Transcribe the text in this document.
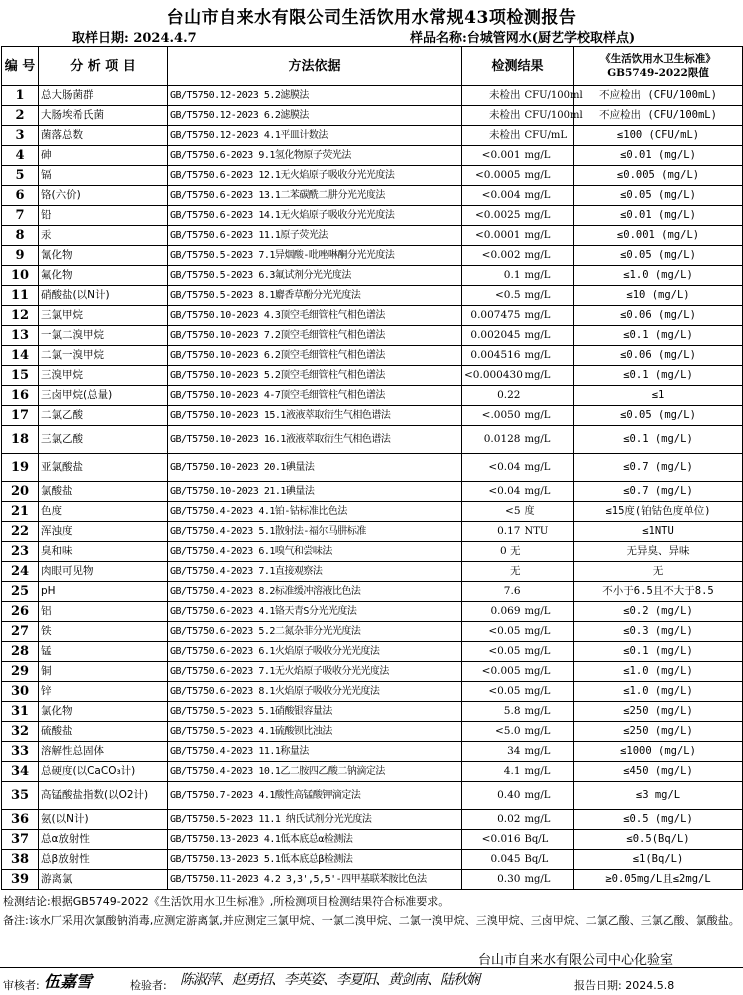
台山市自来水有限公司生活饮用水常规43项检测报告
取样日期: 2024.4.7	样品名称:台城管网水(厨艺学校取样点)
编 号	分 析 项 目	方法依据	检测结果		《生活饮用水卫生标准》
GB5749-2022限值

1	总大肠菌群	GB/T5750.12-2023 5.2滤膜法	未检出	CFU/100ml	不应检出 (CFU/100mL)
2	大肠埃希氏菌	GB/T5750.12-2023 6.2滤膜法	未检出	CFU/100ml	不应检出 (CFU/100mL)
3	菌落总数	GB/T5750.12-2023 4.1平皿计数法	未检出	CFU/mL	≤100 (CFU/mL)
4	砷	GB/T5750.6-2023 9.1氢化物原子荧光法	<0.001	mg/L	≤0.01 (mg/L)
5	镉	GB/T5750.6-2023 12.1无火焰原子吸收分光光度法	<0.0005	mg/L	≤0.005 (mg/L)
6	铬(六价)	GB/T5750.6-2023 13.1二苯碳酰二肼分光光度法	<0.004	mg/L	≤0.05 (mg/L)
7	铅	GB/T5750.6-2023 14.1无火焰原子吸收分光光度法	<0.0025	mg/L	≤0.01 (mg/L)
8	汞	GB/T5750.6-2023 11.1原子荧光法	<0.0001	mg/L	≤0.001 (mg/L)
9	氰化物	GB/T5750.5-2023 7.1异烟酸-吡唑啉酮分光光度法	<0.002	mg/L	≤0.05 (mg/L)
10	氟化物	GB/T5750.5-2023 6.3氟试剂分光光度法	0.1	mg/L	≤1.0 (mg/L)
11	硝酸盐(以N计)	GB/T5750.5-2023 8.1麝香草酚分光光度法	<0.5	mg/L	≤10 (mg/L)
12	三氯甲烷	GB/T5750.10-2023 4.3顶空毛细管柱气相色谱法	0.007475	mg/L	≤0.06 (mg/L)
13	一氯二溴甲烷	GB/T5750.10-2023 7.2顶空毛细管柱气相色谱法	0.002045	mg/L	≤0.1 (mg/L)
14	二氯一溴甲烷	GB/T5750.10-2023 6.2顶空毛细管柱气相色谱法	0.004516	mg/L	≤0.06 (mg/L)
15	三溴甲烷	GB/T5750.10-2023 5.2顶空毛细管柱气相色谱法	<0.000430	mg/L	≤0.1 (mg/L)
16	三卤甲烷(总量)	GB/T5750.10-2023 4-7顶空毛细管柱气相色谱法	0.22		≤1
17	二氯乙酸	GB/T5750.10-2023 15.1液液萃取衍生气相色谱法	<.0050	mg/L	≤0.05 (mg/L)
18	三氯乙酸	GB/T5750.10-2023 16.1液液萃取衍生气相色谱法	0.0128	mg/L	≤0.1 (mg/L)
19	亚氯酸盐	GB/T5750.10-2023 20.1碘量法	<0.04	mg/L	≤0.7 (mg/L)
20	氯酸盐	GB/T5750.10-2023 21.1碘量法	<0.04	mg/L	≤0.7 (mg/L)
21	色度	GB/T5750.4-2023 4.1铂-钴标准比色法	<5	度	≤15度(铂钴色度单位)
22	浑浊度	GB/T5750.4-2023 5.1散射法-福尔马肼标准	0.17	NTU	≤1NTU
23	臭和味	GB/T5750.4-2023 6.1嗅气和尝味法	0 无		无异臭、异味
24	肉眼可见物	GB/T5750.4-2023 7.1直接观察法	无		无
25	pH	GB/T5750.4-2023 8.2标准缓冲溶液比色法	7.6		不小于6.5且不大于8.5
26	铝	GB/T5750.6-2023 4.1铬天青S分光光度法	0.069	mg/L	≤0.2 (mg/L)
27	铁	GB/T5750.6-2023 5.2二氮杂菲分光光度法	<0.05	mg/L	≤0.3 (mg/L)
28	锰	GB/T5750.6-2023 6.1火焰原子吸收分光光度法	<0.05	mg/L	≤0.1 (mg/L)
29	铜	GB/T5750.6-2023 7.1无火焰原子吸收分光光度法	<0.005	mg/L	≤1.0 (mg/L)
30	锌	GB/T5750.6-2023 8.1火焰原子吸收分光光度法	<0.05	mg/L	≤1.0 (mg/L)
31	氯化物	GB/T5750.5-2023 5.1硝酸银容量法	5.8	mg/L	≤250 (mg/L)
32	硫酸盐	GB/T5750.5-2023 4.1硫酸钡比浊法	<5.0	mg/L	≤250 (mg/L)
33	溶解性总固体	GB/T5750.4-2023 11.1称量法	34	mg/L	≤1000 (mg/L)
34	总硬度(以CaCO₃计)	GB/T5750.4-2023 10.1乙二胺四乙酸二钠滴定法	4.1	mg/L	≤450 (mg/L)
35	高锰酸盐指数(以O2计)	GB/T5750.7-2023 4.1酸性高锰酸钾滴定法	0.40	mg/L	≤3 mg/L
36	氨(以N计)	GB/T5750.5-2023 11.1 纳氏试剂分光光度法	0.02	mg/L	≤0.5 (mg/L)
37	总α放射性	GB/T5750.13-2023 4.1低本底总α检测法	<0.016	Bq/L	≤0.5(Bq/L)
38	总β放射性	GB/T5750.13-2023 5.1低本底总β检测法	0.045	Bq/L	≤1(Bq/L)
39	游离氯	GB/T5750.11-2023 4.2 3,3',5,5'-四甲基联苯胺比色法	0.30	mg/L	≥0.05mg/L且≤2mg/L
检测结论:根据GB5749-2022《生活饮用水卫生标准》,所检测项目检测结果符合标准要求。
备注:该水厂采用次氯酸钠消毒,应测定游离氯,并应测定三氯甲烷、一氯二溴甲烷、二氯一溴甲烷、三溴甲烷、三卤甲烷、二氯乙酸、三氯乙酸、氯酸盐。
台山市自来水有限公司中心化验室
审核者: 伍嘉雪	检验者: 陈淑萍、赵勇招、李英姿、李夏阳、黄剑南、陆秋娴	报告日期: 2024.5.8
